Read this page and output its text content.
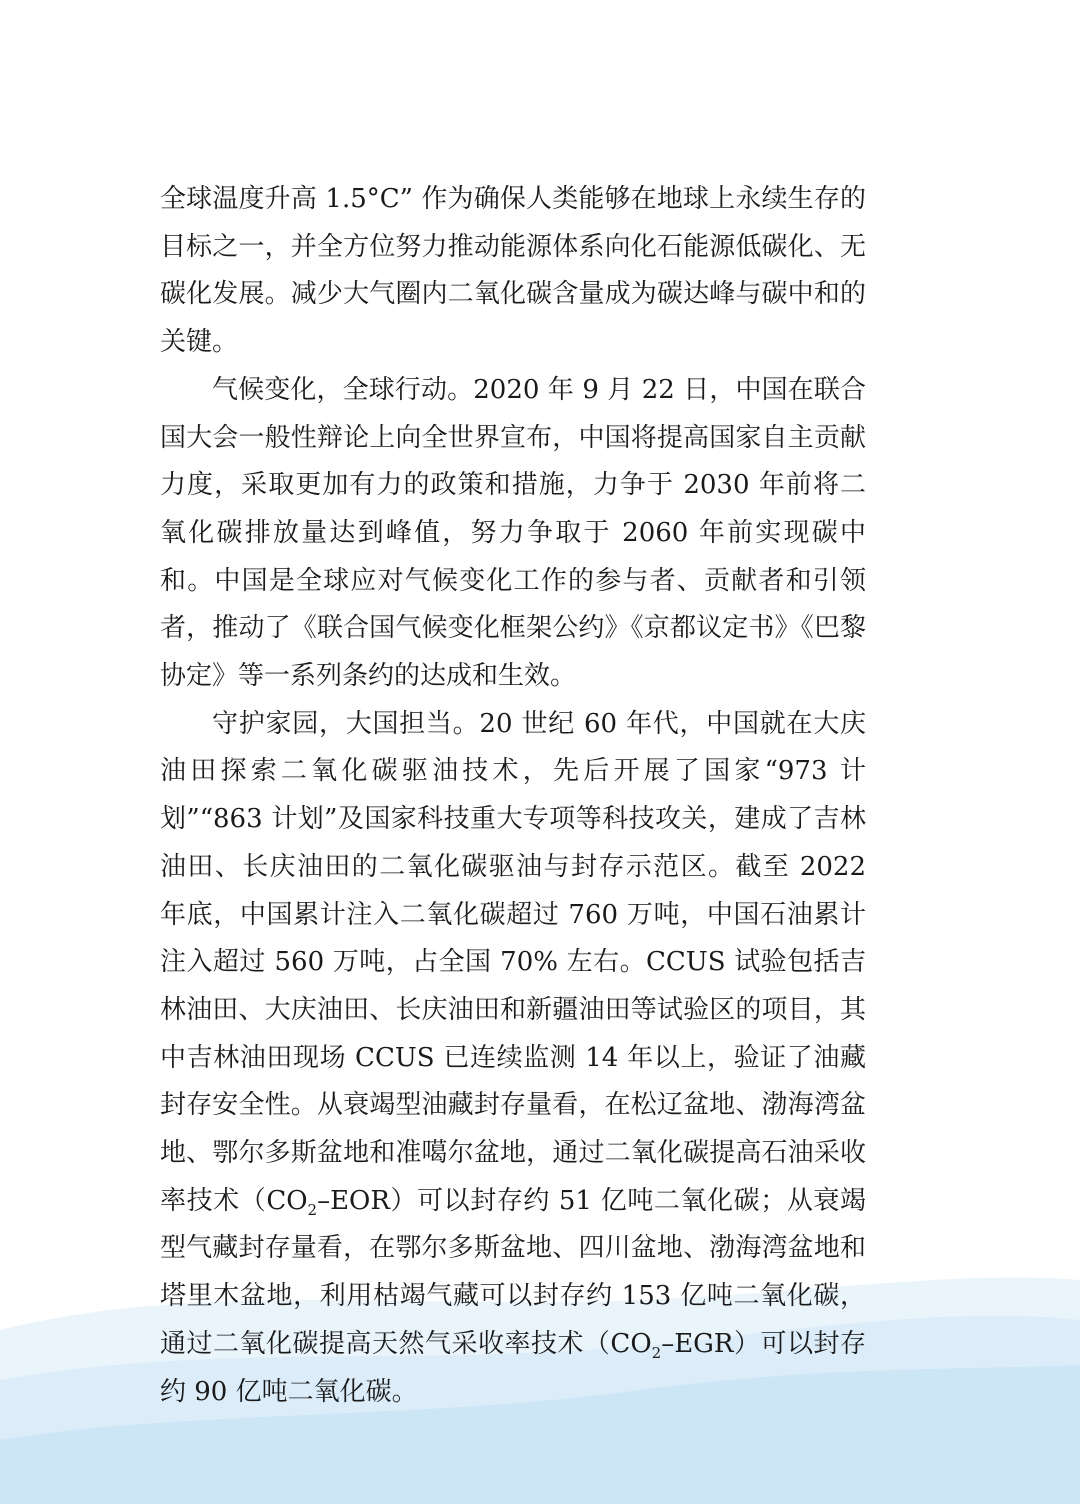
全球温度升高 1.5°C” 作为确保人类能够在地球上永续生存的目标之一，并全方位努力推动能源体系向化石能源低碳化、无碳化发展。减少大气圈内二氧化碳含量成为碳达峰与碳中和的关键。

气候变化，全球行动。2020 年 9 月 22 日，中国在联合国大会一般性辩论上向全世界宣布，中国将提高国家自主贡献力度，采取更加有力的政策和措施，力争于 2030 年前将二氧化碳排放量达到峰值，努力争取于 2060 年前实现碳中和。中国是全球应对气候变化工作的参与者、贡献者和引领者，推动了《联合国气候变化框架公约》《京都议定书》《巴黎协定》等一系列条约的达成和生效。

守护家园，大国担当。20 世纪 60 年代，中国就在大庆油田探索二氧化碳驱油技术，先后开展了国家“973 计划”“863 计划”及国家科技重大专项等科技攻关，建成了吉林油田、长庆油田的二氧化碳驱油与封存示范区。截至 2022 年底，中国累计注入二氧化碳超过 760 万吨，中国石油累计注入超过 560 万吨，占全国 70% 左右。CCUS 试验包括吉林油田、大庆油田、长庆油田和新疆油田等试验区的项目，其中吉林油田现场 CCUS 已连续监测 14 年以上，验证了油藏封存安全性。从衰竭型油藏封存量看，在松辽盆地、渤海湾盆地、鄂尔多斯盆地和准噶尔盆地，通过二氧化碳提高石油采收率技术$(CO_2-EOR)$可以封存约 51 亿吨二氧化碳；从衰竭型气藏封存量看，在鄂尔多斯盆地、四川盆地、渤海湾盆地和塔里木盆地，利用枯竭气藏可以封存约 153 亿吨二氧化碳，通过二氧化碳提高天然气采收率技术$(CO_2-EGR)$可以封存约 90 亿吨二氧化碳。
